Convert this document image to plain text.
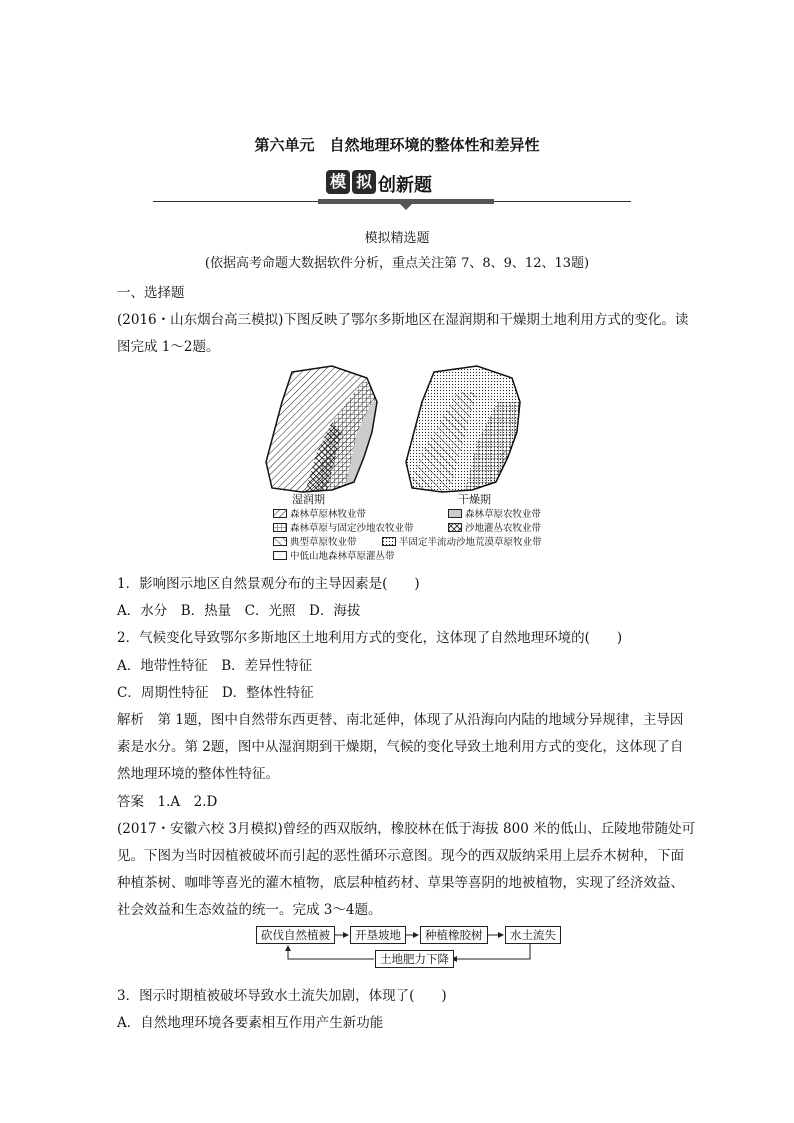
第六单元　自然地理环境的整体性和差异性
模 拟 创新题
模拟精选题
(依据高考命题大数据软件分析，重点关注第 7、8、9、12、13题)
一、选择题
(2016・山东烟台高三模拟)下图反映了鄂尔多斯地区在湿润期和干燥期土地利用方式的变化。读
图完成 1～2题。
湿润期	干燥期
森林草原林牧业带	森林草原农牧业带
森林草原与固定沙地农牧业带	沙地灌丛农牧业带
典型草原牧业带	半固定半流动沙地荒漠草原牧业带
中低山地森林草原灌丛带
1．影响图示地区自然景观分布的主导因素是(　　)
A．水分　B．热量　C．光照　D．海拔
2．气候变化导致鄂尔多斯地区土地利用方式的变化，这体现了自然地理环境的(　　)
A．地带性特征　B．差异性特征
C．周期性特征　D．整体性特征
解析　第 1题，图中自然带东西更替、南北延伸，体现了从沿海向内陆的地域分异规律，主导因
素是水分。第 2题，图中从湿润期到干燥期，气候的变化导致土地利用方式的变化，这体现了自
然地理环境的整体性特征。
答案　1.A　2.D
(2017・安徽六校 3月模拟)曾经的西双版纳，橡胶林在低于海拔 800 米的低山、丘陵地带随处可
见。下图为当时因植被破坏而引起的恶性循环示意图。现今的西双版纳采用上层乔木树种，下面
种植茶树、咖啡等喜光的灌木植物，底层种植药材、草果等喜阴的地被植物，实现了经济效益、
社会效益和生态效益的统一。完成 3～4题。
砍伐自然植被	开垦坡地	种植橡胶树	水土流失
土地肥力下降
3．图示时期植被破坏导致水土流失加剧，体现了(　　)
A．自然地理环境各要素相互作用产生新功能
